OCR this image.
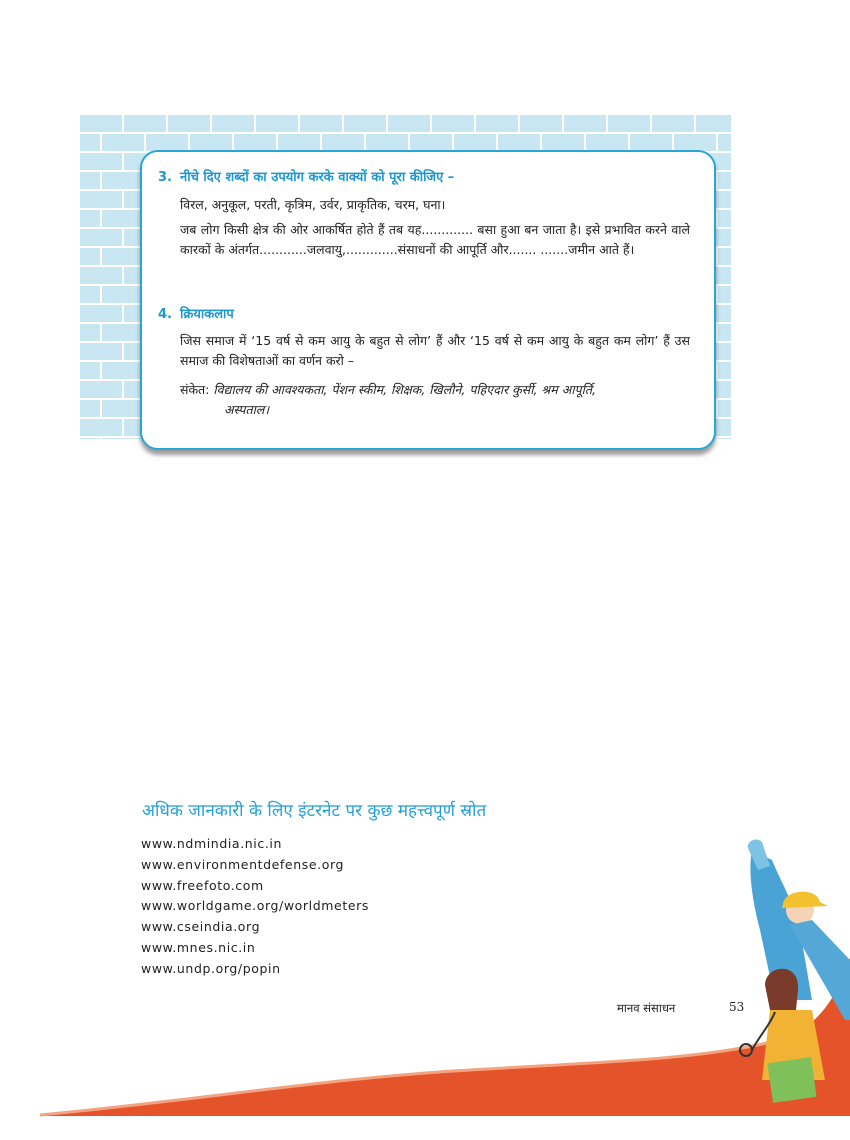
3. नीचे दिए शब्दों का उपयोग करके वाक्यों को पूरा कीजिए –
विरल, अनुकूल, परती, कृत्रिम, उर्वर, प्राकृतिक, चरम, घना।
जब लोग किसी क्षेत्र की ओर आकर्षित होते हैं तब यह............. बसा हुआ बन जाता है। इसे प्रभावित करने वाले कारकों के अंतर्गत............जलवायु,.............संसाधनों की आपूर्ति और....... .......जमीन आते हैं।
4. क्रियाकलाप
जिस समाज में ‘15 वर्ष से कम आयु के बहुत से लोग’ हैं और ‘15 वर्ष से कम आयु के बहुत कम लोग’ हैं उस समाज की विशेषताओं का वर्णन करो –
संकेत: विद्यालय की आवश्यकता, पेंशन स्कीम, शिक्षक, खिलौने, पहिएदार कुर्सी, श्रम आपूर्ति,
अस्पताल।
अधिक जानकारी के लिए इंटरनेट पर कुछ महत्त्वपूर्ण स्रोत
www.ndmindia.nic.in
www.environmentdefense.org
www.freefoto.com
www.worldgame.org/worldmeters
www.cseindia.org
www.mnes.nic.in
www.undp.org/popin
मानव संसाधन	53
